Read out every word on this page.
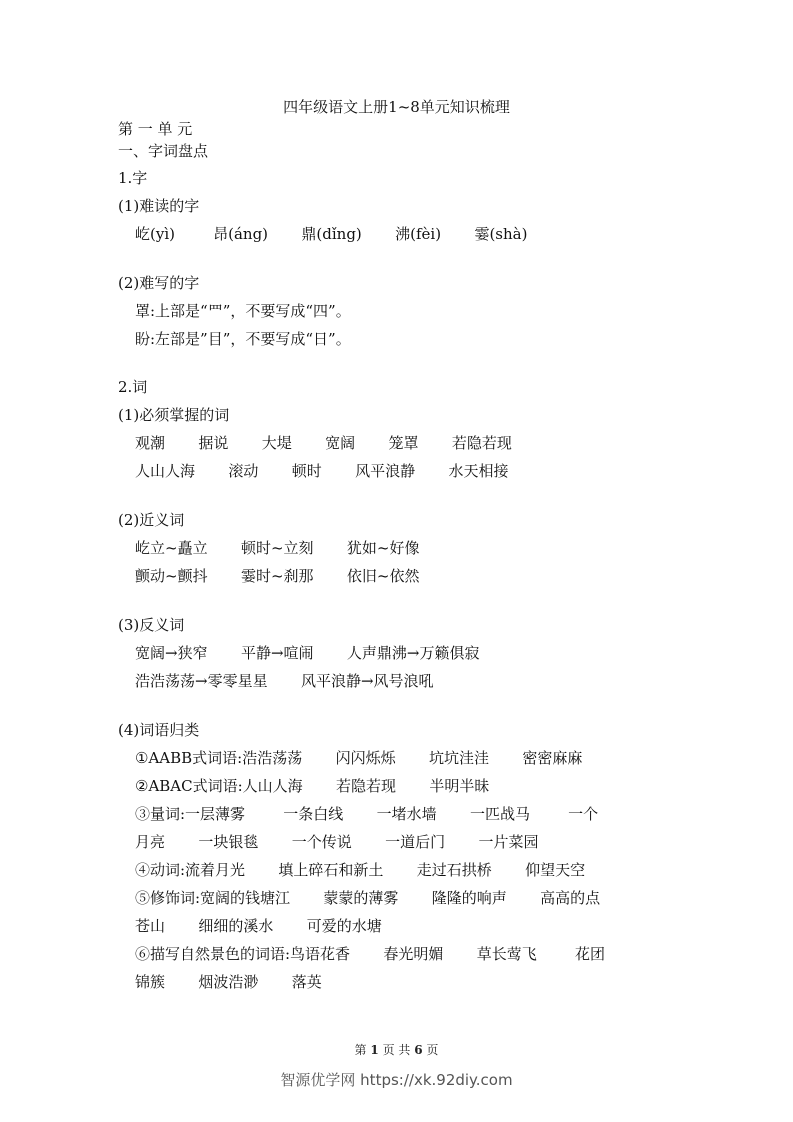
四年级语文上册1~8单元知识梳理
第 一 单 元
一、字词盘点
1.字
(1)难读的字
屹(yì)        昂(áng)       鼎(dǐng)       沸(fèi)       霎(shà)
(2)难写的字
罩:上部是“罒”，不要写成“四”。
盼:左部是”目”，不要写成“日”。
2.词
(1)必须掌握的词
观潮       据说       大堤       宽阔       笼罩       若隐若现
人山人海       滚动       顿时       风平浪静       水天相接
(2)近义词
屹立~矗立       顿时~立刻       犹如~好像
颤动~颤抖       霎时~刹那       依旧~依然
(3)反义词
宽阔→狭窄       平静→喧闹       人声鼎沸→万籁俱寂
浩浩荡荡→零零星星       风平浪静→风号浪吼
(4)词语归类
①AABB式词语:浩浩荡荡       闪闪烁烁       坑坑洼洼       密密麻麻
②ABAC式词语:人山人海       若隐若现       半明半昧
③量词:一层薄雾        一条白线       一堵水墙       一匹战马        一个
月亮       一块银毯       一个传说       一道后门       一片菜园
④动词:流着月光       填上碎石和新土       走过石拱桥       仰望天空
⑤修饰词:宽阔的钱塘江       蒙蒙的薄雾       隆隆的响声       高高的点
苍山       细细的溪水       可爱的水塘
⑥描写自然景色的词语:鸟语花香       春光明媚       草长莺飞        花团
锦簇       烟波浩渺       落英
第 1 页 共 6 页
智源优学网 https://xk.92diy.com
